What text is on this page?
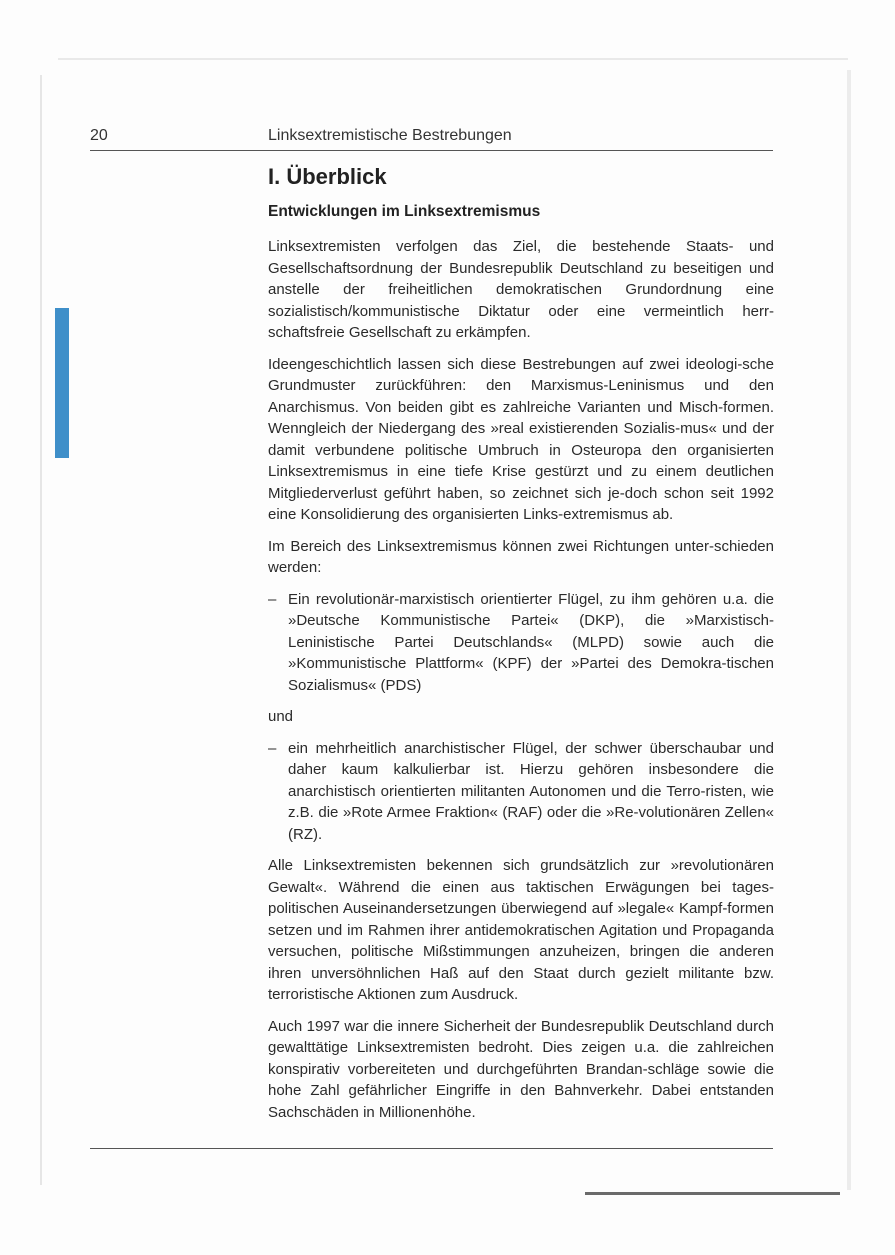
20	Linksextremistische Bestrebungen
I. Überblick
Entwicklungen im Linksextremismus

Linksextremisten verfolgen das Ziel, die bestehende Staats- und Gesellschaftsordnung der Bundesrepublik Deutschland zu beseitigen und anstelle der freiheitlichen demokratischen Grundordnung eine sozialistisch/kommunistische Diktatur oder eine vermeintlich herr-schaftsfreie Gesellschaft zu erkämpfen.

Ideengeschichtlich lassen sich diese Bestrebungen auf zwei ideologi-sche Grundmuster zurückführen: den Marxismus-Leninismus und den Anarchismus. Von beiden gibt es zahlreiche Varianten und Misch-formen. Wenngleich der Niedergang des »real existierenden Sozialis-mus« und der damit verbundene politische Umbruch in Osteuropa den organisierten Linksextremismus in eine tiefe Krise gestürzt und zu einem deutlichen Mitgliederverlust geführt haben, so zeichnet sich je-doch schon seit 1992 eine Konsolidierung des organisierten Links-extremismus ab.

Im Bereich des Linksextremismus können zwei Richtungen unter-schieden werden:

– Ein revolutionär-marxistisch orientierter Flügel, zu ihm gehören u.a. die »Deutsche Kommunistische Partei« (DKP), die »Marxistisch-Leninistische Partei Deutschlands« (MLPD) sowie auch die »Kommunistische Plattform« (KPF) der »Partei des Demokra-tischen Sozialismus« (PDS)

und

– ein mehrheitlich anarchistischer Flügel, der schwer überschaubar und daher kaum kalkulierbar ist. Hierzu gehören insbesondere die anarchistisch orientierten militanten Autonomen und die Terro-risten, wie z.B. die »Rote Armee Fraktion« (RAF) oder die »Re-volutionären Zellen« (RZ).

Alle Linksextremisten bekennen sich grundsätzlich zur »revolutionären Gewalt«. Während die einen aus taktischen Erwägungen bei tages-politischen Auseinandersetzungen überwiegend auf »legale« Kampf-formen setzen und im Rahmen ihrer antidemokratischen Agitation und Propaganda versuchen, politische Mißstimmungen anzuheizen, bringen die anderen ihren unversöhnlichen Haß auf den Staat durch gezielt militante bzw. terroristische Aktionen zum Ausdruck.

Auch 1997 war die innere Sicherheit der Bundesrepublik Deutschland durch gewalttätige Linksextremisten bedroht. Dies zeigen u.a. die zahlreichen konspirativ vorbereiteten und durchgeführten Brandan-schläge sowie die hohe Zahl gefährlicher Eingriffe in den Bahnverkehr. Dabei entstanden Sachschäden in Millionenhöhe.
